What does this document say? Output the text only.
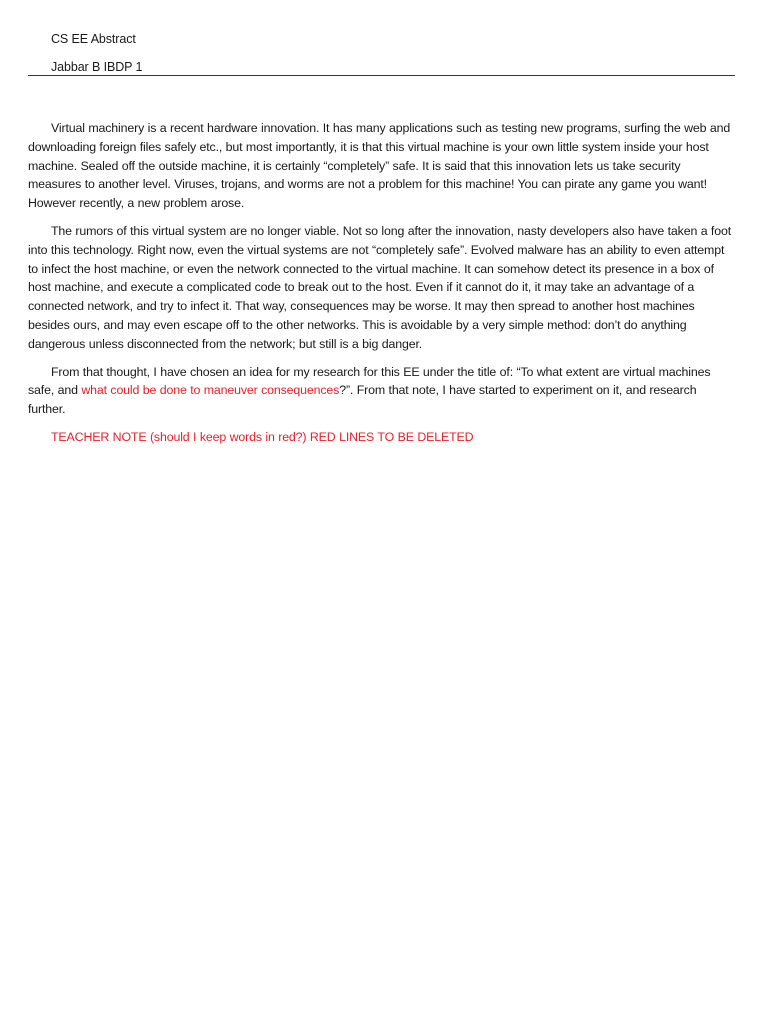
CS EE Abstract
Jabbar B IBDP 1

Virtual machinery is a recent hardware innovation. It has many applications such as testing new programs, surfing the web and downloading foreign files safely etc., but most importantly, it is that this virtual machine is your own little system inside your host machine. Sealed off the outside machine, it is certainly “completely” safe. It is said that this innovation lets us take security measures to another level. Viruses, trojans, and worms are not a problem for this machine! You can pirate any game you want! However recently, a new problem arose.

The rumors of this virtual system are no longer viable. Not so long after the innovation, nasty developers also have taken a foot into this technology. Right now, even the virtual systems are not “completely safe”. Evolved malware has an ability to even attempt to infect the host machine, or even the network connected to the virtual machine. It can somehow detect its presence in a box of host machine, and execute a complicated code to break out to the host. Even if it cannot do it, it may take an advantage of a connected network, and try to infect it. That way, consequences may be worse. It may then spread to another host machines besides ours, and may even escape off to the other networks. This is avoidable by a very simple method: don’t do anything dangerous unless disconnected from the network; but still is a big danger.

From that thought, I have chosen an idea for my research for this EE under the title of: “To what extent are virtual machines safe, and what could be done to maneuver consequences?”. From that note, I have started to experiment on it, and research further.

TEACHER NOTE (should I keep words in red?) RED LINES TO BE DELETED
